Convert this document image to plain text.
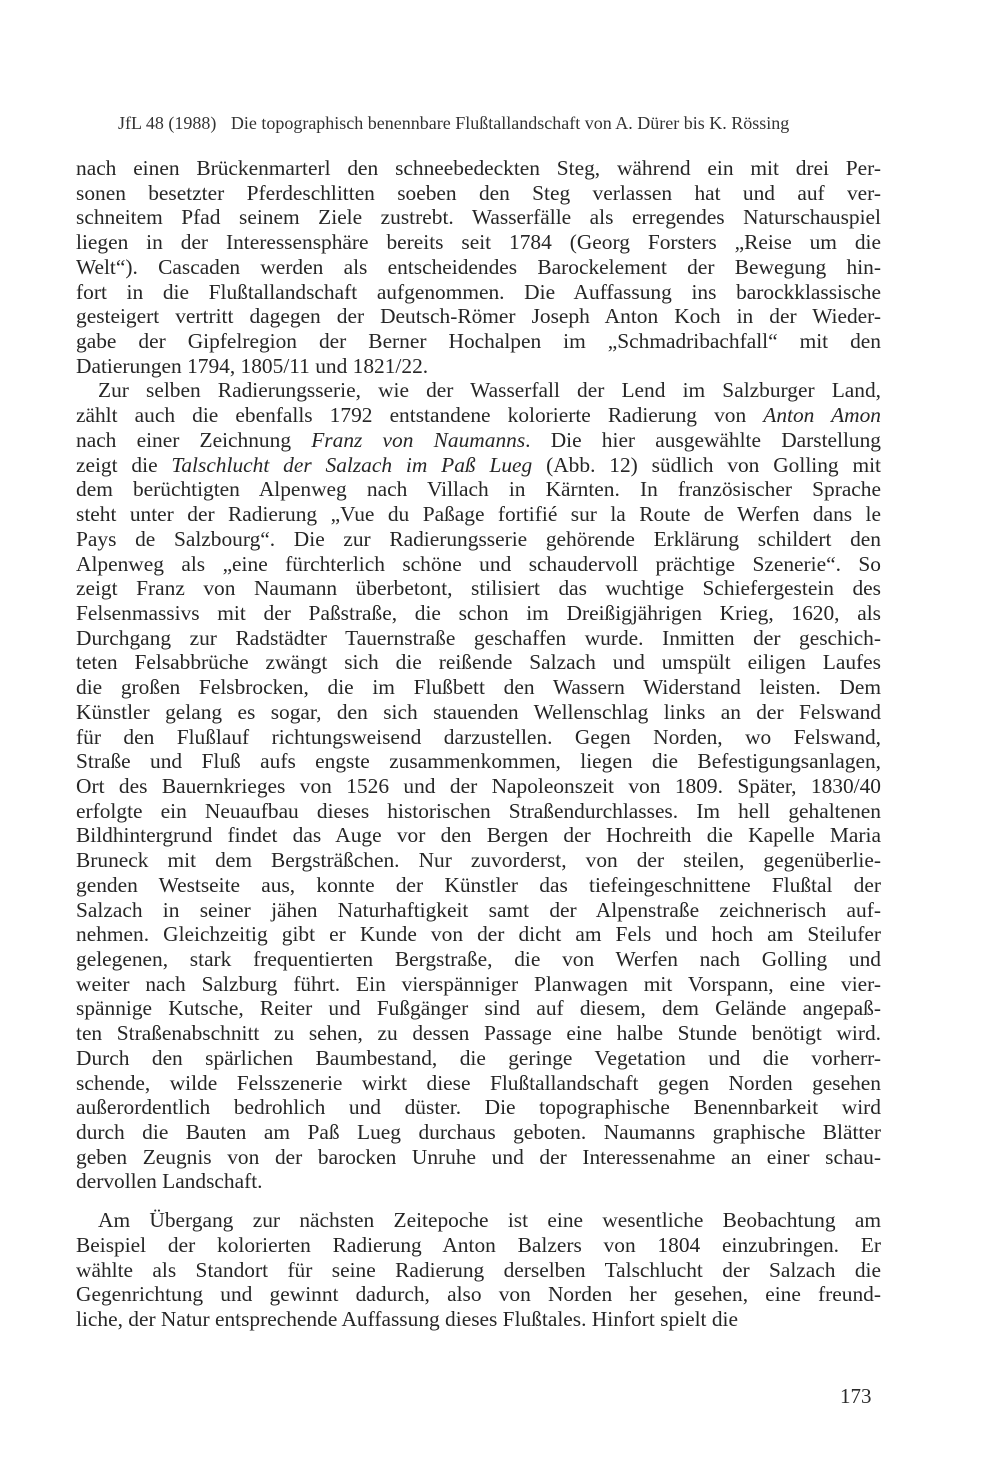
JfL 48 (1988) Die topographisch benennbare Flußtallandschaft von A. Dürer bis K. Rössing
nach einen Brückenmarterl den schneebedeckten Steg, während ein mit drei Per-
sonen besetzter Pferdeschlitten soeben den Steg verlassen hat und auf ver-
schneitem Pfad seinem Ziele zustrebt. Wasserfälle als erregendes Naturschauspiel
liegen in der Interessensphäre bereits seit 1784 (Georg Forsters „Reise um die
Welt“). Cascaden werden als entscheidendes Barockelement der Bewegung hin-
fort in die Flußtallandschaft aufgenommen. Die Auffassung ins barockklassische
gesteigert vertritt dagegen der Deutsch-Römer Joseph Anton Koch in der Wieder-
gabe der Gipfelregion der Berner Hochalpen im „Schmadribachfall“ mit den
Datierungen 1794, 1805/11 und 1821/22.
Zur selben Radierungsserie, wie der Wasserfall der Lend im Salzburger Land,
zählt auch die ebenfalls 1792 entstandene kolorierte Radierung von Anton Amon
nach einer Zeichnung Franz von Naumanns. Die hier ausgewählte Darstellung
zeigt die Talschlucht der Salzach im Paß Lueg (Abb. 12) südlich von Golling mit
dem berüchtigten Alpenweg nach Villach in Kärnten. In französischer Sprache
steht unter der Radierung „Vue du Paßage fortifié sur la Route de Werfen dans le
Pays de Salzbourg“. Die zur Radierungsserie gehörende Erklärung schildert den
Alpenweg als „eine fürchterlich schöne und schaudervoll prächtige Szenerie“. So
zeigt Franz von Naumann überbetont, stilisiert das wuchtige Schiefergestein des
Felsenmassivs mit der Paßstraße, die schon im Dreißigjährigen Krieg, 1620, als
Durchgang zur Radstädter Tauernstraße geschaffen wurde. Inmitten der geschich-
teten Felsabbrüche zwängt sich die reißende Salzach und umspült eiligen Laufes
die großen Felsbrocken, die im Flußbett den Wassern Widerstand leisten. Dem
Künstler gelang es sogar, den sich stauenden Wellenschlag links an der Felswand
für den Flußlauf richtungsweisend darzustellen. Gegen Norden, wo Felswand,
Straße und Fluß aufs engste zusammenkommen, liegen die Befestigungsanlagen,
Ort des Bauernkrieges von 1526 und der Napoleonszeit von 1809. Später, 1830/40
erfolgte ein Neuaufbau dieses historischen Straßendurchlasses. Im hell gehaltenen
Bildhintergrund findet das Auge vor den Bergen der Hochreith die Kapelle Maria
Bruneck mit dem Bergsträßchen. Nur zuvorderst, von der steilen, gegenüberlie-
genden Westseite aus, konnte der Künstler das tiefeingeschnittene Flußtal der
Salzach in seiner jähen Naturhaftigkeit samt der Alpenstraße zeichnerisch auf-
nehmen. Gleichzeitig gibt er Kunde von der dicht am Fels und hoch am Steilufer
gelegenen, stark frequentierten Bergstraße, die von Werfen nach Golling und
weiter nach Salzburg führt. Ein vierspänniger Planwagen mit Vorspann, eine vier-
spännige Kutsche, Reiter und Fußgänger sind auf diesem, dem Gelände angepaß-
ten Straßenabschnitt zu sehen, zu dessen Passage eine halbe Stunde benötigt wird.
Durch den spärlichen Baumbestand, die geringe Vegetation und die vorherr-
schende, wilde Felsszenerie wirkt diese Flußtallandschaft gegen Norden gesehen
außerordentlich bedrohlich und düster. Die topographische Benennbarkeit wird
durch die Bauten am Paß Lueg durchaus geboten. Naumanns graphische Blätter
geben Zeugnis von der barocken Unruhe und der Interessenahme an einer schau-
dervollen Landschaft.
Am Übergang zur nächsten Zeitepoche ist eine wesentliche Beobachtung am
Beispiel der kolorierten Radierung Anton Balzers von 1804 einzubringen. Er
wählte als Standort für seine Radierung derselben Talschlucht der Salzach die
Gegenrichtung und gewinnt dadurch, also von Norden her gesehen, eine freund-
liche, der Natur entsprechende Auffassung dieses Flußtales. Hinfort spielt die
173
